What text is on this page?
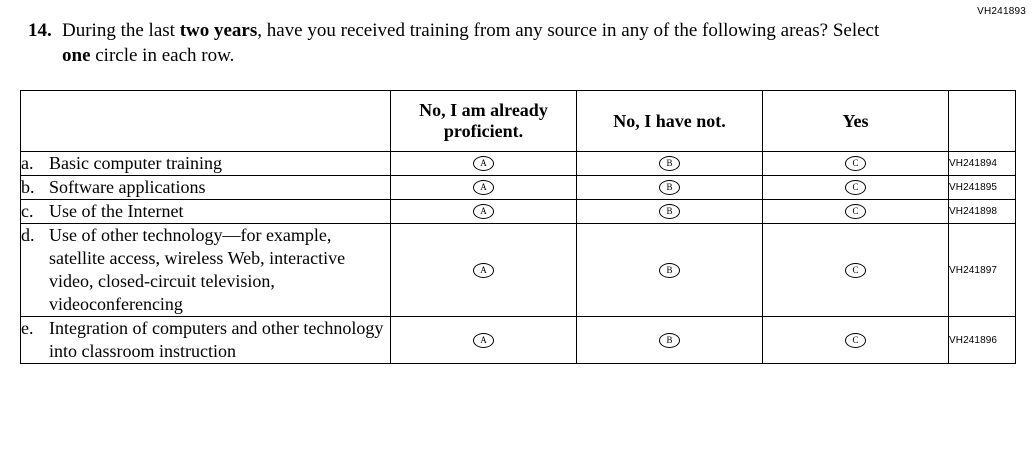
VH241893
14. During the last two years, have you received training from any source in any of the following areas? Select one circle in each row.
	No, I am already proficient.	No, I have not.	Yes	

a. Basic computer training	A	B	C	VH241894

b. Software applications	A	B	C	VH241895

c. Use of the Internet	A	B	C	VH241898

d. Use of other technology—for example, satellite access, wireless Web, interactive video, closed-circuit television, videoconferencing	A	B	C	VH241897

e. Integration of computers and other technology into classroom instruction	A	B	C	VH241896
